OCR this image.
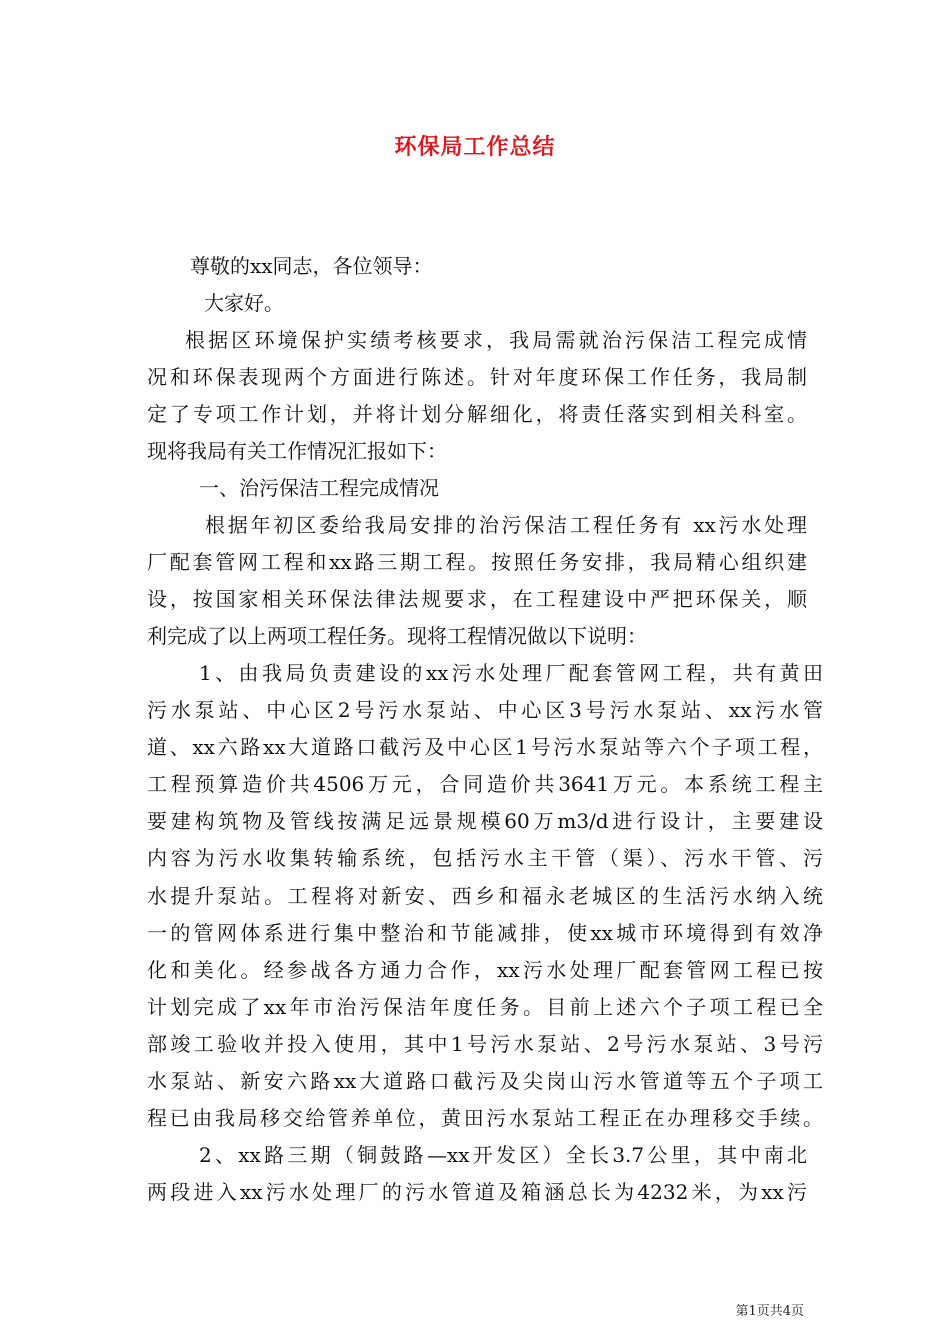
环保局工作总结
尊敬的xx同志，各位领导：
大家好。
根据区环境保护实绩考核要求，我局需就治污保洁工程完成情
况和环保表现两个方面进行陈述。针对年度环保工作任务，我局制
定了专项工作计划，并将计划分解细化，将责任落实到相关科室。
现将我局有关工作情况汇报如下：
一、治污保洁工程完成情况
根据年初区委给我局安排的治污保洁工程任务有 xx污水处理
厂配套管网工程和xx路三期工程。按照任务安排，我局精心组织建
设，按国家相关环保法律法规要求，在工程建设中严把环保关，顺
利完成了以上两项工程任务。现将工程情况做以下说明：
1、由我局负责建设的xx污水处理厂配套管网工程，共有黄田
污水泵站、中心区2号污水泵站、中心区3号污水泵站、xx污水管
道、xx六路xx大道路口截污及中心区1号污水泵站等六个子项工程，
工程预算造价共4506万元，合同造价共3641万元。本系统工程主
要建构筑物及管线按满足远景规模60万m3/d进行设计，主要建设
内容为污水收集转输系统，包括污水主干管（渠）、污水干管、污
水提升泵站。工程将对新安、西乡和福永老城区的生活污水纳入统
一的管网体系进行集中整治和节能减排，使xx城市环境得到有效净
化和美化。经参战各方通力合作，xx污水处理厂配套管网工程已按
计划完成了xx年市治污保洁年度任务。目前上述六个子项工程已全
部竣工验收并投入使用，其中1号污水泵站、2号污水泵站、3号污
水泵站、新安六路xx大道路口截污及尖岗山污水管道等五个子项工
程已由我局移交给管养单位，黄田污水泵站工程正在办理移交手续。
2、xx路三期（铜鼓路—xx开发区）全长3.7公里，其中南北
两段进入xx污水处理厂的污水管道及箱涵总长为4232米，为xx污
第1页共4页
